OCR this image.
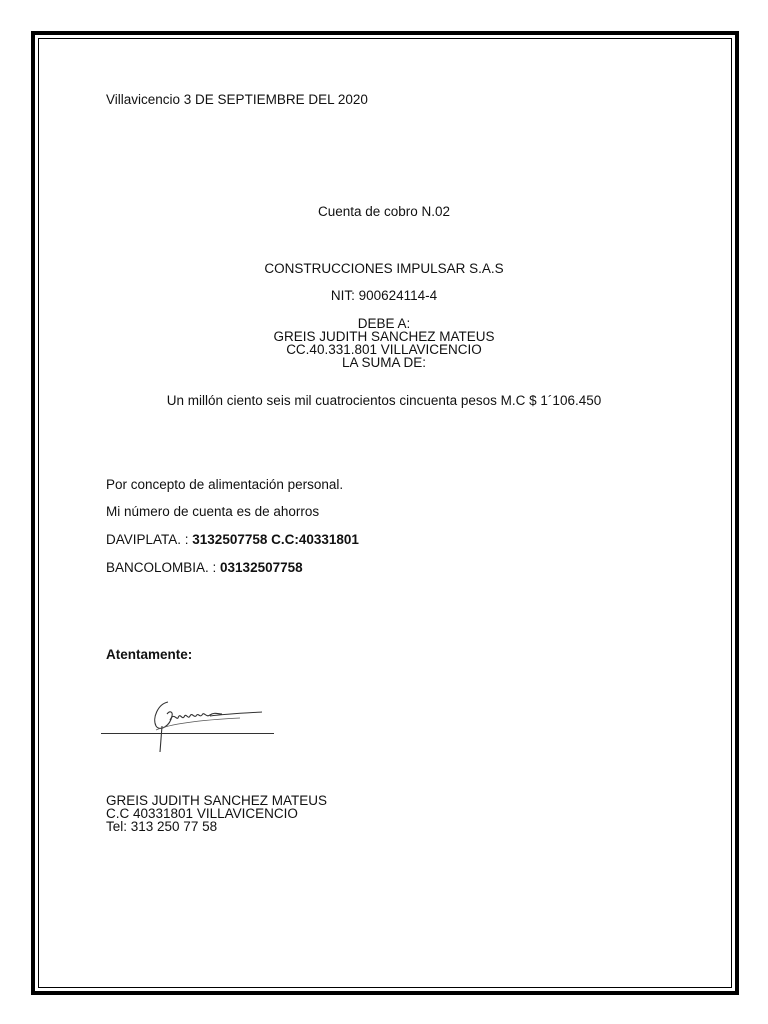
Villavicencio 3 DE SEPTIEMBRE DEL 2020
Cuenta de cobro N.02
CONSTRUCCIONES IMPULSAR S.A.S
NIT: 900624114-4
DEBE A:
GREIS JUDITH SANCHEZ MATEUS
CC.40.331.801 VILLAVICENCIO
LA SUMA DE:
Un millón ciento seis mil cuatrocientos cincuenta pesos M.C $ 1´106.450
Por concepto de alimentación personal.
Mi número de cuenta es de ahorros
DAVIPLATA. : 3132507758 C.C:40331801
BANCOLOMBIA. : 03132507758
Atentamente:
GREIS JUDITH SANCHEZ MATEUS
C.C 40331801 VILLAVICENCIO
Tel: 313 250 77 58
